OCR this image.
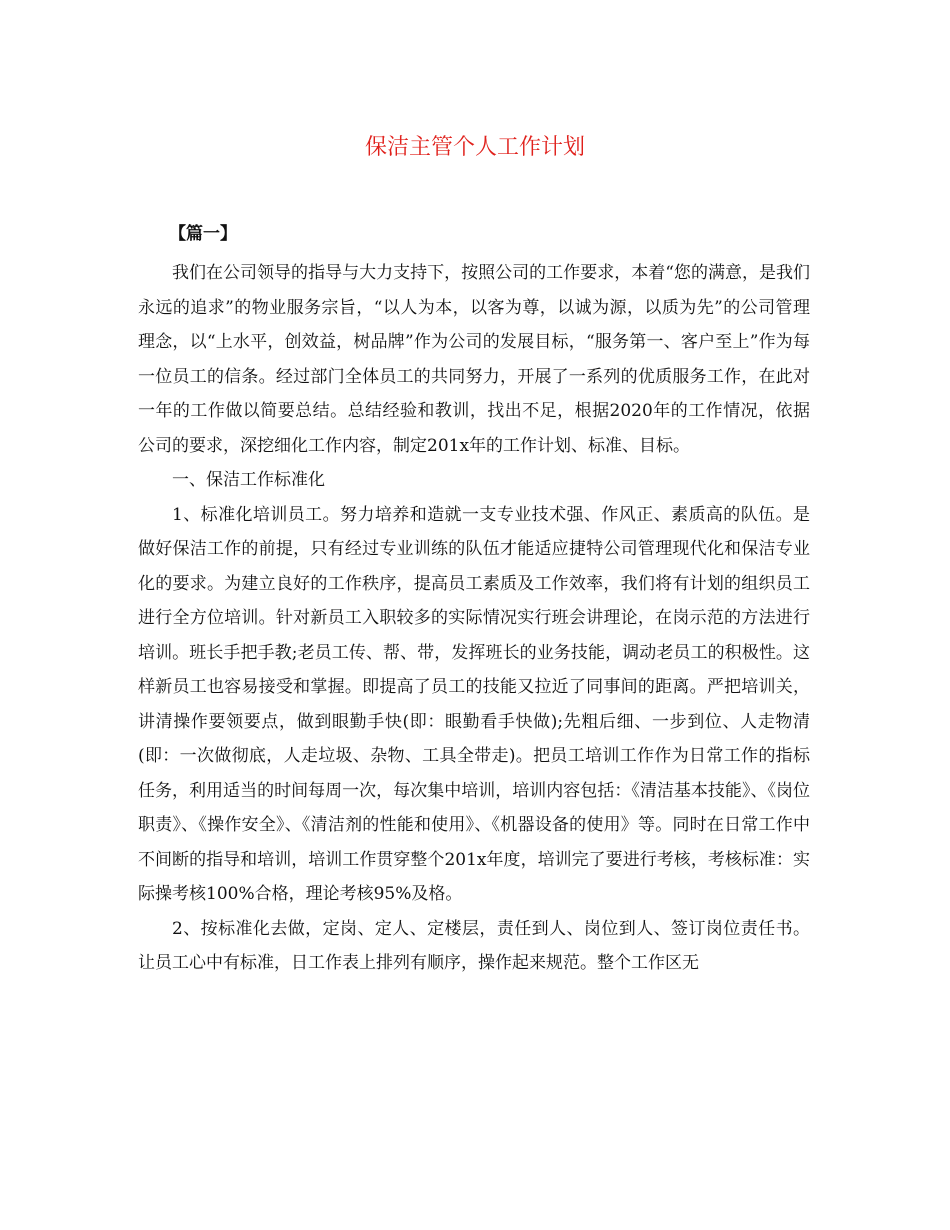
保洁主管个人工作计划
【篇一】

我们在公司领导的指导与大力支持下，按照公司的工作要求，本着“您的满意，是我们永远的追求”的物业服务宗旨，“以人为本，以客为尊，以诚为源，以质为先”的公司管理理念，以“上水平，创效益，树品牌”作为公司的发展目标，“服务第一、客户至上”作为每一位员工的信条。经过部门全体员工的共同努力，开展了一系列的优质服务工作，在此对一年的工作做以简要总结。总结经验和教训，找出不足，根据2020年的工作情况，依据公司的要求，深挖细化工作内容，制定201x年的工作计划、标准、目标。

一、保洁工作标准化

1、标准化培训员工。努力培养和造就一支专业技术强、作风正、素质高的队伍。是做好保洁工作的前提，只有经过专业训练的队伍才能适应捷特公司管理现代化和保洁专业化的要求。为建立良好的工作秩序，提高员工素质及工作效率，我们将有计划的组织员工进行全方位培训。针对新员工入职较多的实际情况实行班会讲理论，在岗示范的方法进行培训。班长手把手教;老员工传、帮、带，发挥班长的业务技能，调动老员工的积极性。这样新员工也容易接受和掌握。即提高了员工的技能又拉近了同事间的距离。严把培训关，讲清操作要领要点，做到眼勤手快(即：眼勤看手快做);先粗后细、一步到位、人走物清(即：一次做彻底，人走垃圾、杂物、工具全带走)。把员工培训工作作为日常工作的指标任务，利用适当的时间每周一次，每次集中培训，培训内容包括：《清洁基本技能》、《岗位职责》、《操作安全》、《清洁剂的性能和使用》、《机器设备的使用》等。同时在日常工作中不间断的指导和培训，培训工作贯穿整个201x年度，培训完了要进行考核，考核标准：实际操考核100%合格，理论考核95%及格。

2、按标准化去做，定岗、定人、定楼层，责任到人、岗位到人、签订岗位责任书。让员工心中有标准，日工作表上排列有顺序，操作起来规范。整个工作区无
